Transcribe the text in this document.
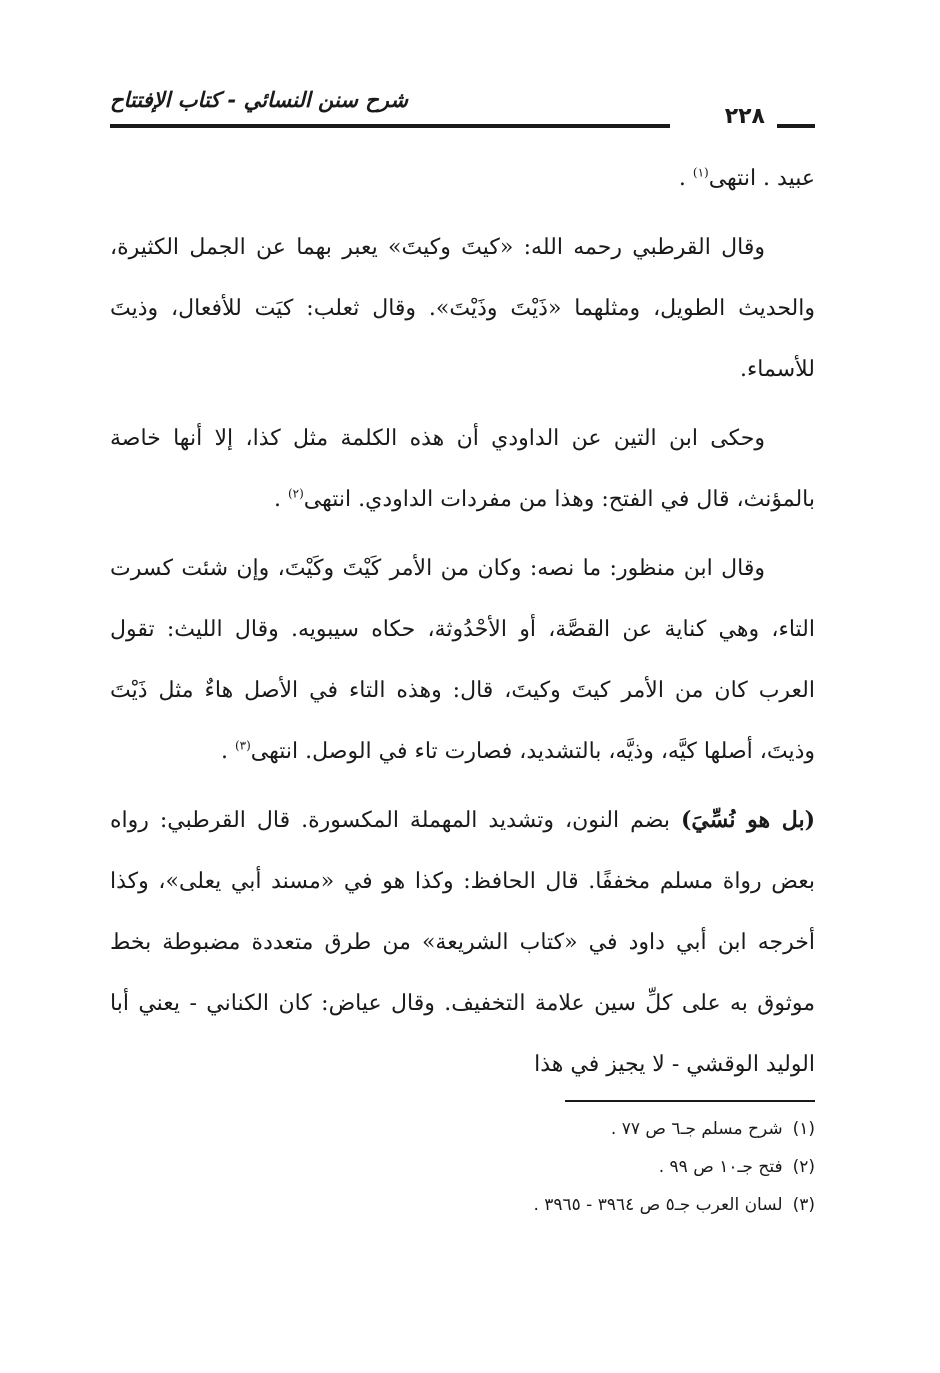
شرح سنن النسائي - كتاب الإفتتاح
٢٢٨

عبيد . انتهى$^{(١)}$ .

وقال القرطبي رحمه الله: «كيتَ وكيتَ» يعبر بهما عن الجمل الكثيرة، والحديث الطويل، ومثلهما «ذَيْتَ وذَيْتَ». وقال ثعلب: كيَت للأفعال، وذيتَ للأسماء.

وحكى ابن التين عن الداودي أن هذه الكلمة مثل كذا، إلا أنها خاصة بالمؤنث، قال في الفتح: وهذا من مفردات الداودي. انتهى$^{(٢)}$ .

وقال ابن منظور: ما نصه: وكان من الأمر كَيْتَ وكَيْتَ، وإن شئت كسرت التاء، وهي كناية عن القصَّة، أو الأحْدُوثة، حكاه سيبويه. وقال الليث: تقول العرب كان من الأمر كيتَ وكيتَ، قال: وهذه التاء في الأصل هاءٌ مثل ذَيْتَ وذيتَ، أصلها كيَّه، وذيَّه، بالتشديد، فصارت تاء في الوصل. انتهى$^{(٣)}$ .

(بل هو نُسِّيَ) بضم النون، وتشديد المهملة المكسورة. قال القرطبي: رواه بعض رواة مسلم مخففًا. قال الحافظ: وكذا هو في «مسند أبي يعلى»، وكذا أخرجه ابن أبي داود في «كتاب الشريعة» من طرق متعددة مضبوطة بخط موثوق به على كلِّ سين علامة التخفيف. وقال عياض: كان الكناني - يعني أبا الوليد الوقشي - لا يجيز في هذا

(١)شرح مسلم جـ٦ ص ٧٧ .
(٢)فتح جـ١٠ ص ٩٩ .
(٣)لسان العرب جـ٥ ص ٣٩٦٤ - ٣٩٦٥ .
